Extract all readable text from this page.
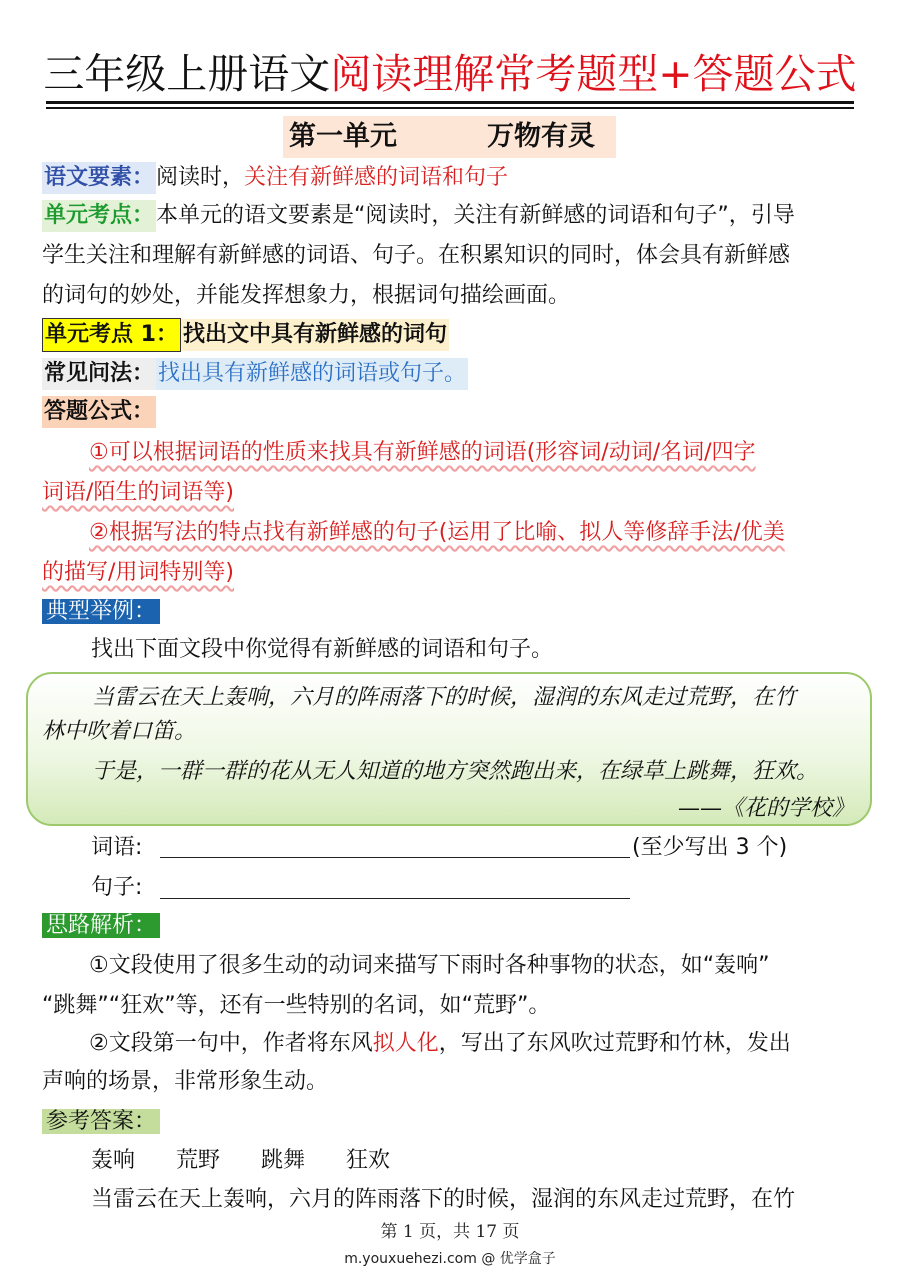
三年级上册语文阅读理解常考题型+答题公式
第一单元	万物有灵
语文要素：阅读时，关注有新鲜感的词语和句子
单元考点：本单元的语文要素是“阅读时，关注有新鲜感的词语和句子”，引导
学生关注和理解有新鲜感的词语、句子。在积累知识的同时，体会具有新鲜感
的词句的妙处，并能发挥想象力，根据词句描绘画面。
单元考点 1： 找出文中具有新鲜感的词句
常见问法： 找出具有新鲜感的词语或句子。
答题公式：
①可以根据词语的性质来找具有新鲜感的词语(形容词/动词/名词/四字
词语/陌生的词语等)
②根据写法的特点找有新鲜感的句子(运用了比喻、拟人等修辞手法/优美
的描写/用词特别等)
典型举例：
找出下面文段中你觉得有新鲜感的词语和句子。
当雷云在天上轰响，六月的阵雨落下的时候，湿润的东风走过荒野，在竹
林中吹着口笛。
于是，一群一群的花从无人知道的地方突然跑出来，在绿草上跳舞，狂欢。
——《花的学校》
词语:	(至少写出 3 个)
句子:
思路解析：
①文段使用了很多生动的动词来描写下雨时各种事物的状态，如“轰响”
“跳舞”“狂欢”等，还有一些特别的名词，如“荒野”。
②文段第一句中，作者将东风拟人化，写出了东风吹过荒野和竹林，发出
声响的场景，非常形象生动。
参考答案：
轰响 荒野 跳舞 狂欢
当雷云在天上轰响，六月的阵雨落下的时候，湿润的东风走过荒野，在竹
第 1 页，共 17 页
m.youxuehezi.com @ 优学盒子
